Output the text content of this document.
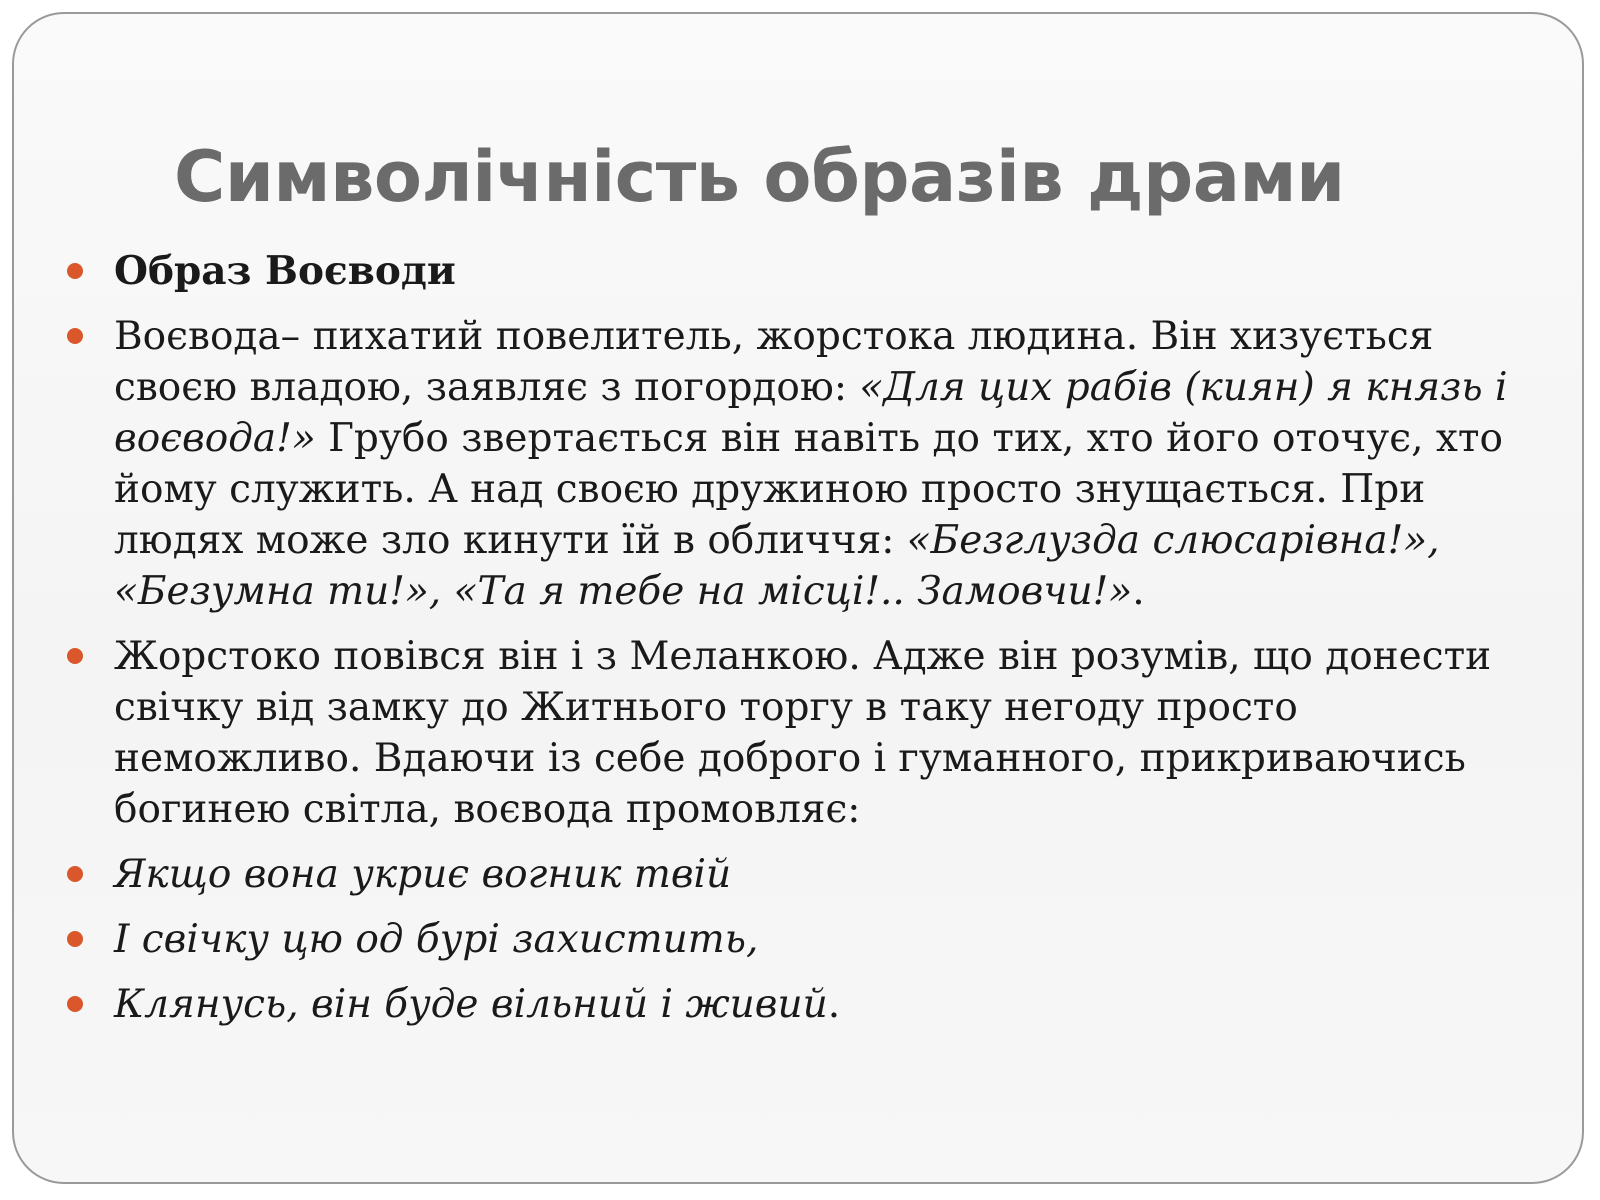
Символічність образів драми
Образ Воєводи
Воєвода– пихатий повелитель, жорстока людина. Він хизується своєю владою, заявляє з погордою: «Для цих рабів (киян) я князь і воєвода!» Грубо звертається він навіть до тих, хто його оточує, хто йому служить. А над своєю дружиною просто знущається. При людях може зло кинути їй в обличчя: «Безглузда слюсарівна!», «Безумна ти!», «Та я тебе на місці!.. Замовчи!».
Жорстоко повівся він і з Меланкою. Адже він розумів, що донести свічку від замку до Житнього торгу в таку негоду просто неможливо. Вдаючи із себе доброго і гуманного, прикриваючись богинею світла, воєвода промовляє:
Якщо вона укриє вогник твій
І свічку цю од бурі захистить,
Клянусь, він буде вільний і живий.
